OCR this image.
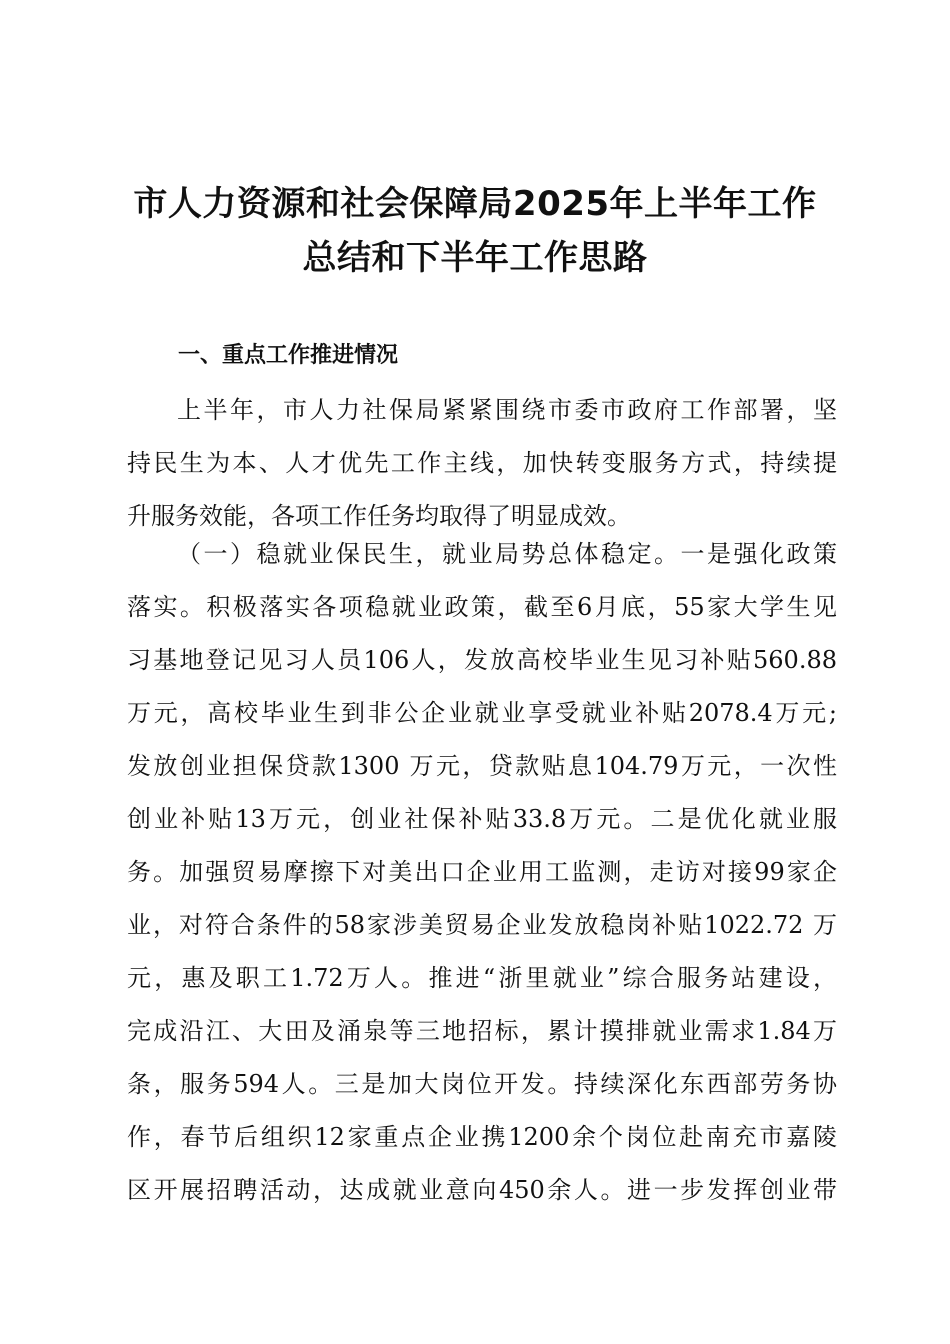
市人力资源和社会保障局2025年上半年工作
总结和下半年工作思路
一、重点工作推进情况
上半年，市人力社保局紧紧围绕市委市政府工作部署，坚
持民生为本、人才优先工作主线，加快转变服务方式，持续提
升服务效能，各项工作任务均取得了明显成效。
（一）稳就业保民生，就业局势总体稳定。一是强化政策
落实。积极落实各项稳就业政策，截至6月底，55家大学生见
习基地登记见习人员106人，发放高校毕业生见习补贴560.88
万元，高校毕业生到非公企业就业享受就业补贴2078.4万元;
发放创业担保贷款1300 万元，贷款贴息104.79万元，一次性
创业补贴13万元，创业社保补贴33.8万元。二是优化就业服
务。加强贸易摩擦下对美出口企业用工监测，走访对接99家企
业，对符合条件的58家涉美贸易企业发放稳岗补贴1022.72 万
元，惠及职工1.72万人。推进“浙里就业”综合服务站建设，
完成沿江、大田及涌泉等三地招标，累计摸排就业需求1.84万
条，服务594人。三是加大岗位开发。持续深化东西部劳务协
作，春节后组织12家重点企业携1200余个岗位赴南充市嘉陵
区开展招聘活动，达成就业意向450余人。进一步发挥创业带
